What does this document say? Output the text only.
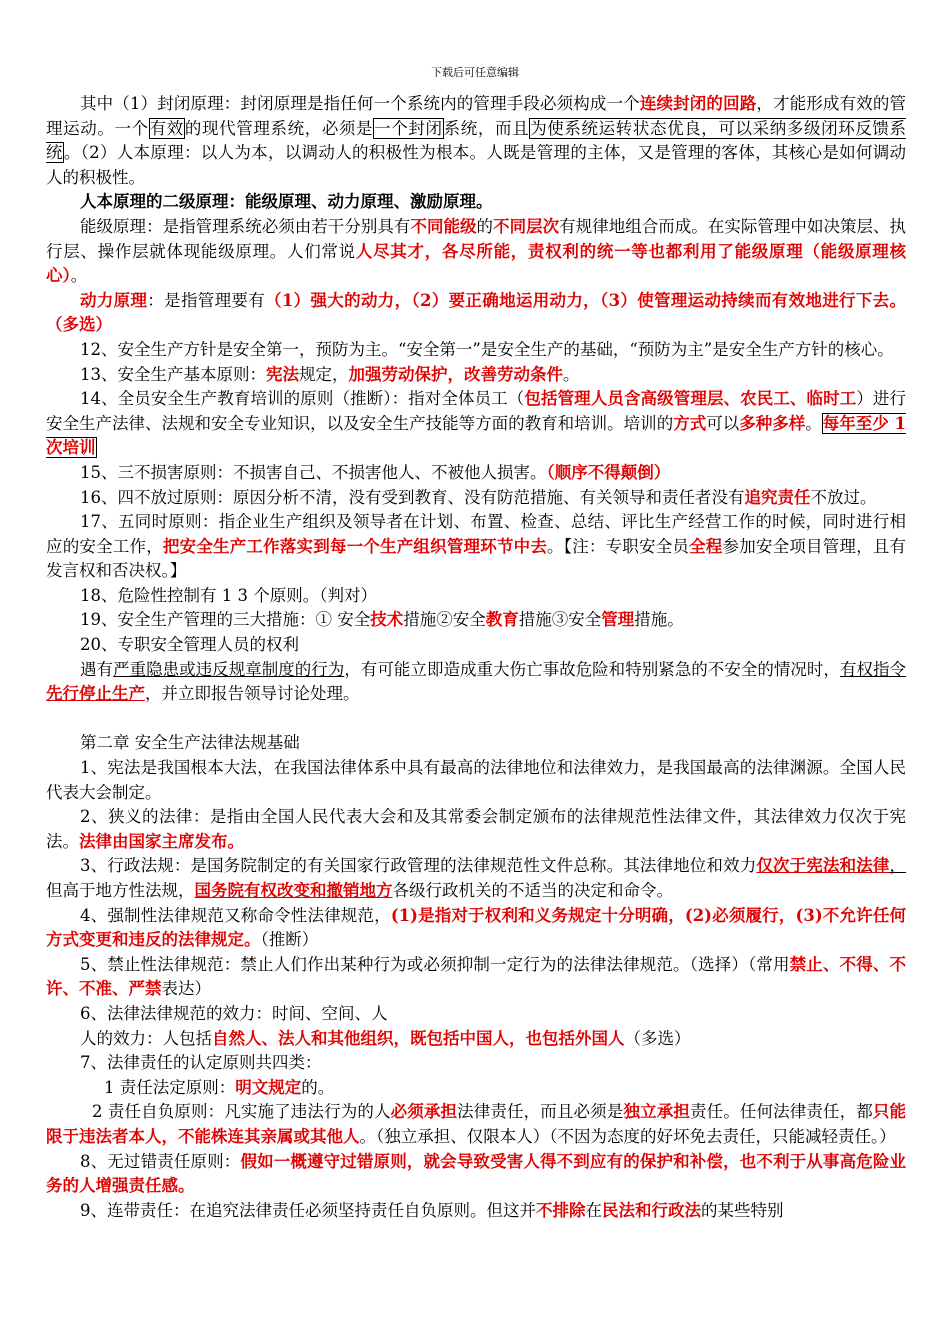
下载后可任意编辑

其中（1）封闭原理：封闭原理是指任何一个系统内的管理手段必须构成一个连续封闭的回路，才能形成有效的管理运动。一个有效的现代管理系统，必须是一个封闭系统，而且为使系统运转状态优良，可以采纳多级闭环反馈系统。（2）人本原理：以人为本，以调动人的积极性为根本。人既是管理的主体，又是管理的客体，其核心是如何调动人的积极性。

人本原理的二级原理：能级原理、动力原理、激励原理。

能级原理：是指管理系统必须由若干分别具有不同能级的不同层次有规律地组合而成。在实际管理中如决策层、执行层、操作层就体现能级原理。人们常说人尽其才，各尽所能，责权利的统一等也都利用了能级原理（能级原理核心）。

动力原理：是指管理要有（1）强大的动力，（2）要正确地运用动力，（3）使管理运动持续而有效地进行下去。（多选）

12、安全生产方针是安全第一，预防为主。“安全第一”是安全生产的基础，“预防为主”是安全生产方针的核心。

13、安全生产基本原则：宪法规定，加强劳动保护，改善劳动条件。

14、全员安全生产教育培训的原则（推断）：指对全体员工（包括管理人员含高级管理层、农民工、临时工）进行安全生产法律、法规和安全专业知识，以及安全生产技能等方面的教育和培训。培训的方式可以多种多样。每年至少 1 次培训

15、三不损害原则：不损害自己、不损害他人、不被他人损害。（顺序不得颠倒）

16、四不放过原则：原因分析不清，没有受到教育、没有防范措施、有关领导和责任者没有追究责任不放过。

17、五同时原则：指企业生产组织及领导者在计划、布置、检查、总结、评比生产经营工作的时候，同时进行相应的安全工作，把安全生产工作落实到每一个生产组织管理环节中去。【注：专职安全员全程参加安全项目管理，且有发言权和否决权。】

18、危险性控制有 1 3 个原则。（判对）

19、安全生产管理的三大措施：① 安全技术措施②安全教育措施③安全管理措施。

20、专职安全管理人员的权利

遇有严重隐患或违反规章制度的行为，有可能立即造成重大伤亡事故危险和特别紧急的不安全的情况时，有权指令先行停止生产，并立即报告领导讨论处理。

第二章 安全生产法律法规基础

1、宪法是我国根本大法，在我国法律体系中具有最高的法律地位和法律效力，是我国最高的法律渊源。全国人民代表大会制定。

2、狭义的法律：是指由全国人民代表大会和及其常委会制定颁布的法律规范性法律文件，其法律效力仅次于宪法。法律由国家主席发布。

3、行政法规：是国务院制定的有关国家行政管理的法律规范性文件总称。其法律地位和效力仅次于宪法和法律，但高于地方性法规，国务院有权改变和撤销地方各级行政机关的不适当的决定和命令。

4、强制性法律规范又称命令性法律规范，(1)是指对于权利和义务规定十分明确，(2)必须履行，(3)不允许任何方式变更和违反的法律规定。（推断）

5、禁止性法律规范：禁止人们作出某种行为或必须抑制一定行为的法律法律规范。（选择）（常用禁止、不得、不许、不准、严禁表达）

6、法律法律规范的效力：时间、空间、人

人的效力：人包括自然人、法人和其他组织，既包括中国人，也包括外国人（多选）

7、法律责任的认定原则共四类：

1 责任法定原则：明文规定的。

2 责任自负原则：凡实施了违法行为的人必须承担法律责任，而且必须是独立承担责任。任何法律责任，都只能限于违法者本人，不能株连其亲属或其他人。（独立承担、仅限本人）（不因为态度的好坏免去责任，只能减轻责任。）

8、无过错责任原则：假如一概遵守过错原则，就会导致受害人得不到应有的保护和补偿，也不利于从事高危险业务的人增强责任感。

9、连带责任：在追究法律责任必须坚持责任自负原则。但这并不排除在民法和行政法的某些特别
